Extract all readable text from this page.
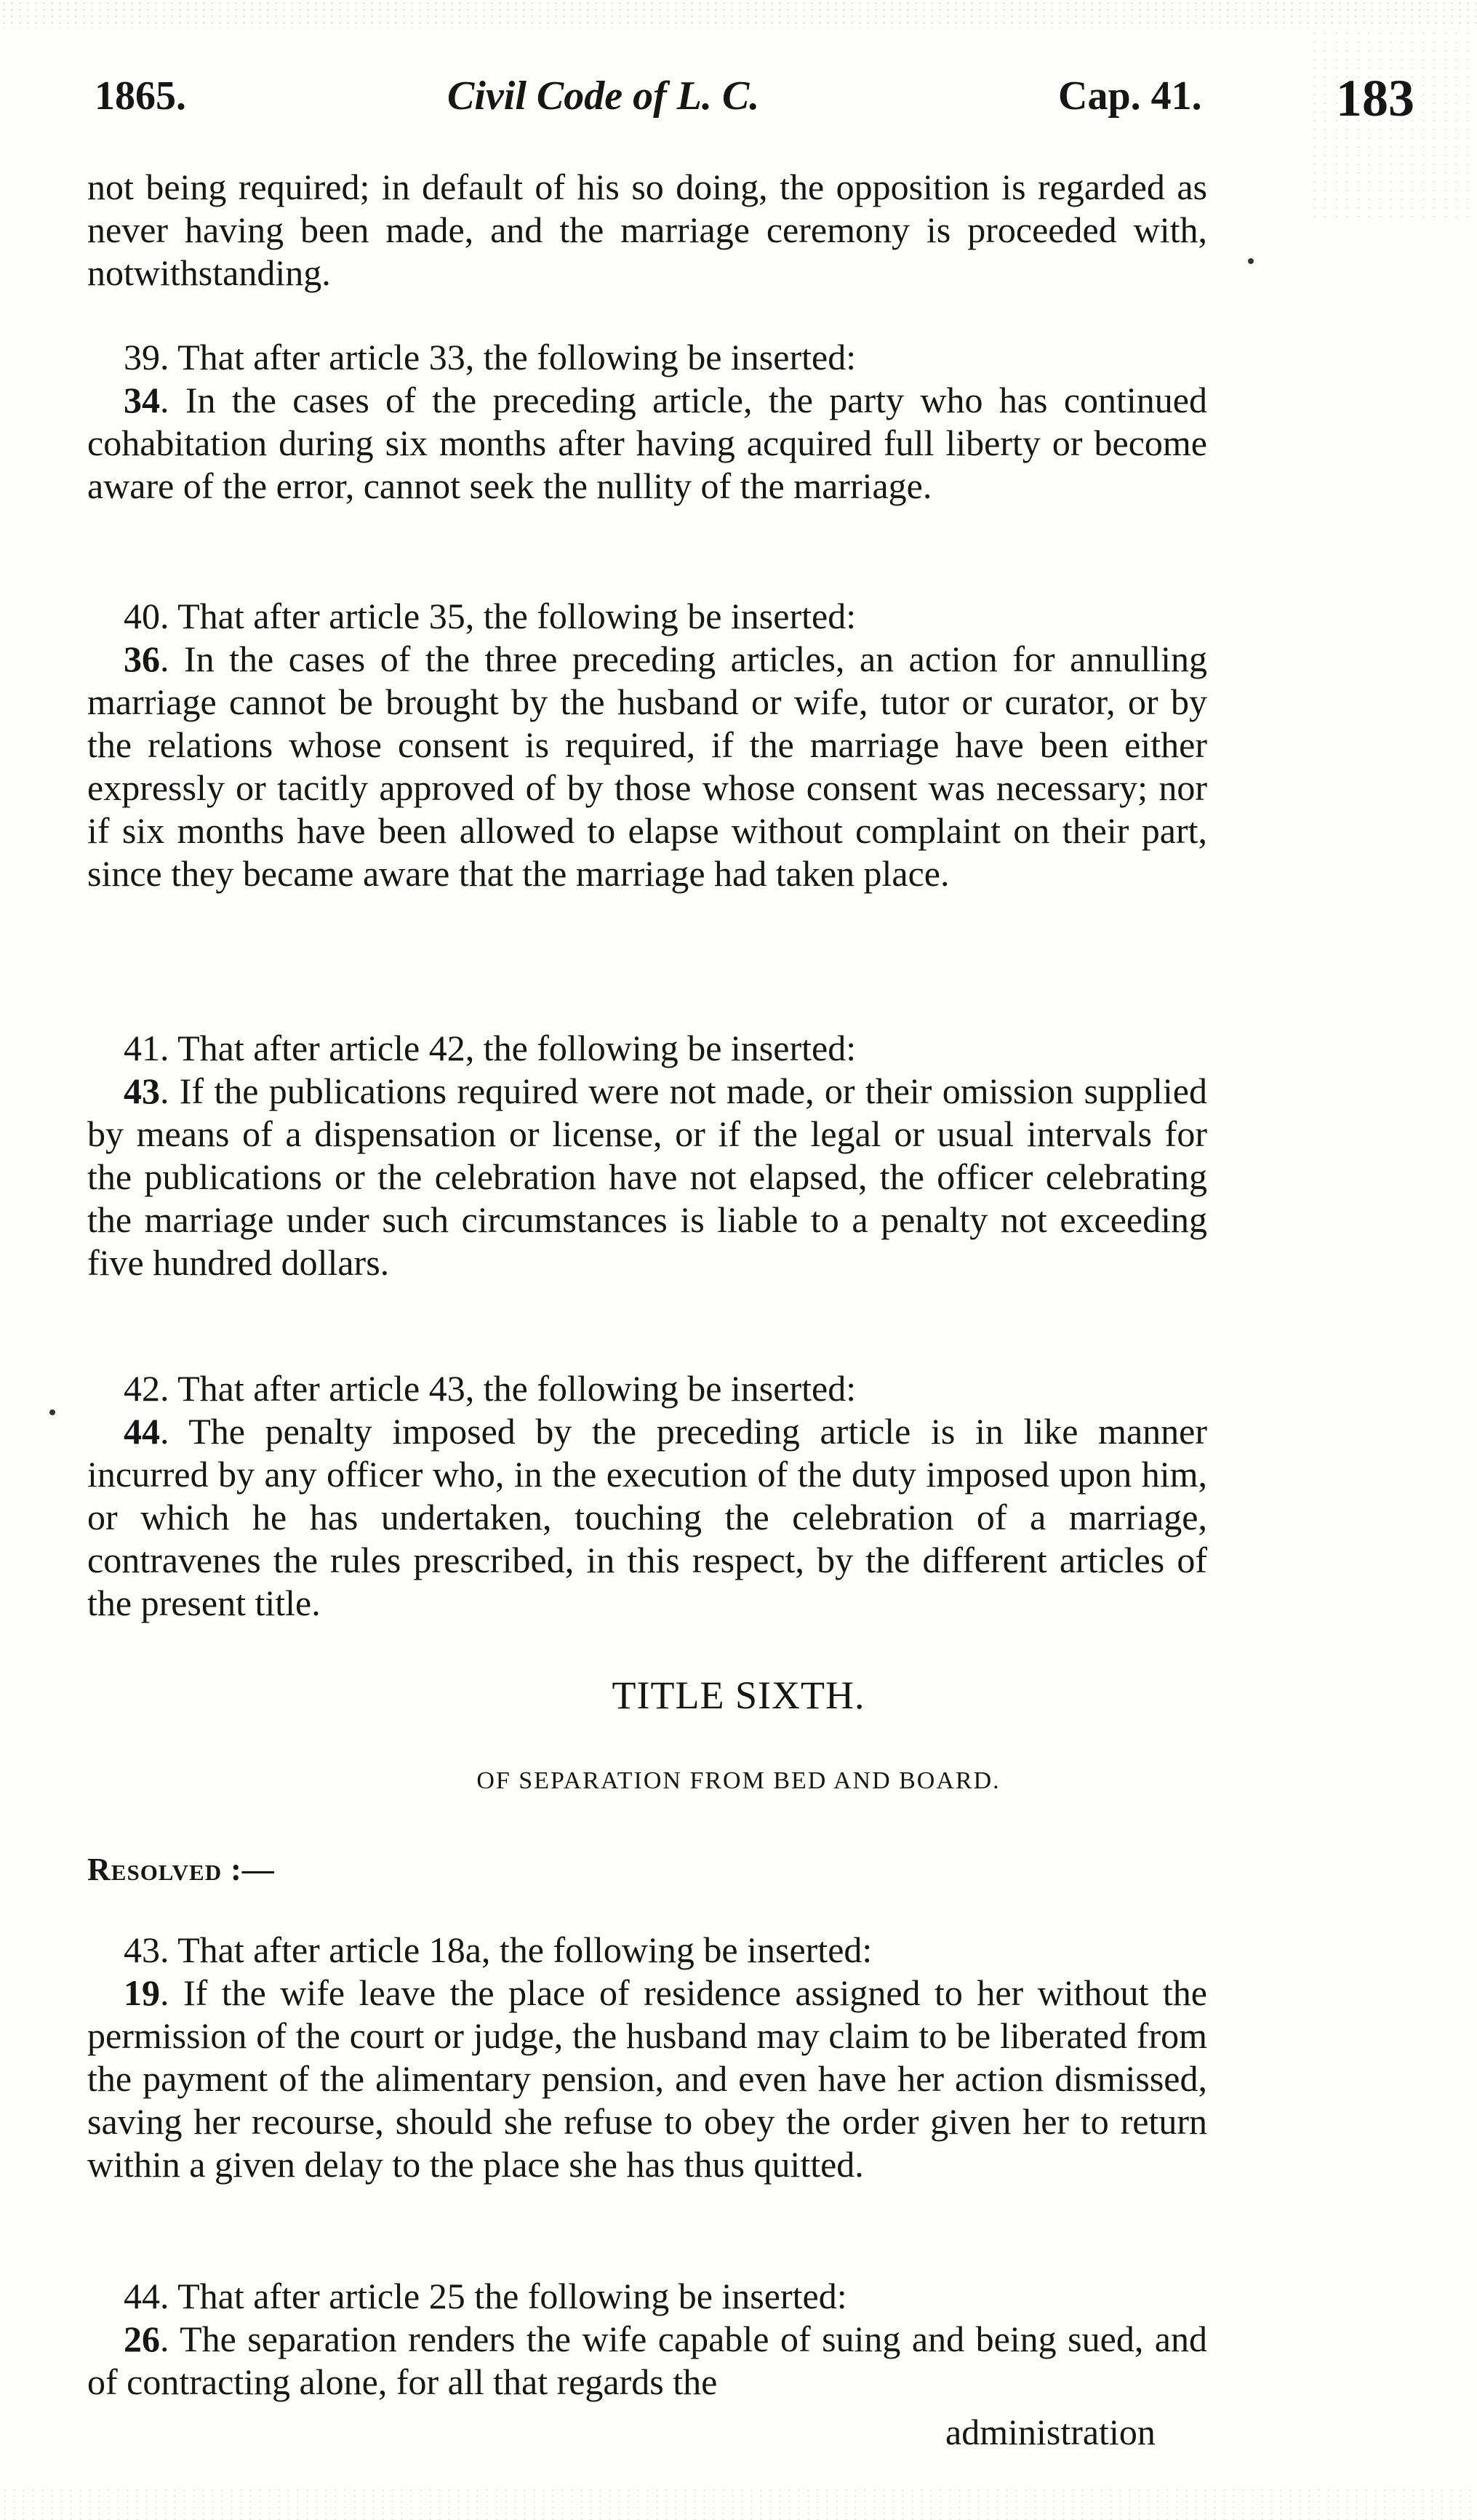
1865.	Civil Code of L. C.	Cap. 41.	183

not being required; in default of his so doing, the opposition is regarded as never having been made, and the marriage ceremony is proceeded with, notwithstanding.

39. That after article 33, the following be inserted:

34. In the cases of the preceding article, the party who has continued cohabitation during six months after having acquired full liberty or become aware of the error, cannot seek the nullity of the marriage.

40. That after article 35, the following be inserted:

36. In the cases of the three preceding articles, an action for annulling marriage cannot be brought by the husband or wife, tutor or curator, or by the relations whose consent is required, if the marriage have been either expressly or tacitly approved of by those whose consent was necessary; nor if six months have been allowed to elapse without complaint on their part, since they became aware that the marriage had taken place.

41. That after article 42, the following be inserted:

43. If the publications required were not made, or their omission supplied by means of a dispensation or license, or if the legal or usual intervals for the publications or the celebration have not elapsed, the officer celebrating the marriage under such circumstances is liable to a penalty not exceeding five hundred dollars.

42. That after article 43, the following be inserted:

44. The penalty imposed by the preceding article is in like manner incurred by any officer who, in the execution of the duty imposed upon him, or which he has undertaken, touching the celebration of a marriage, contravenes the rules prescribed, in this respect, by the different articles of the present title.

TITLE SIXTH.
OF SEPARATION FROM BED AND BOARD.
Resolved :—

43. That after article 18a, the following be inserted:

19. If the wife leave the place of residence assigned to her without the permission of the court or judge, the husband may claim to be liberated from the payment of the alimentary pension, and even have her action dismissed, saving her recourse, should she refuse to obey the order given her to return within a given delay to the place she has thus quitted.

44. That after article 25 the following be inserted:

26. The separation renders the wife capable of suing and being sued, and of contracting alone, for all that regards the

administration
